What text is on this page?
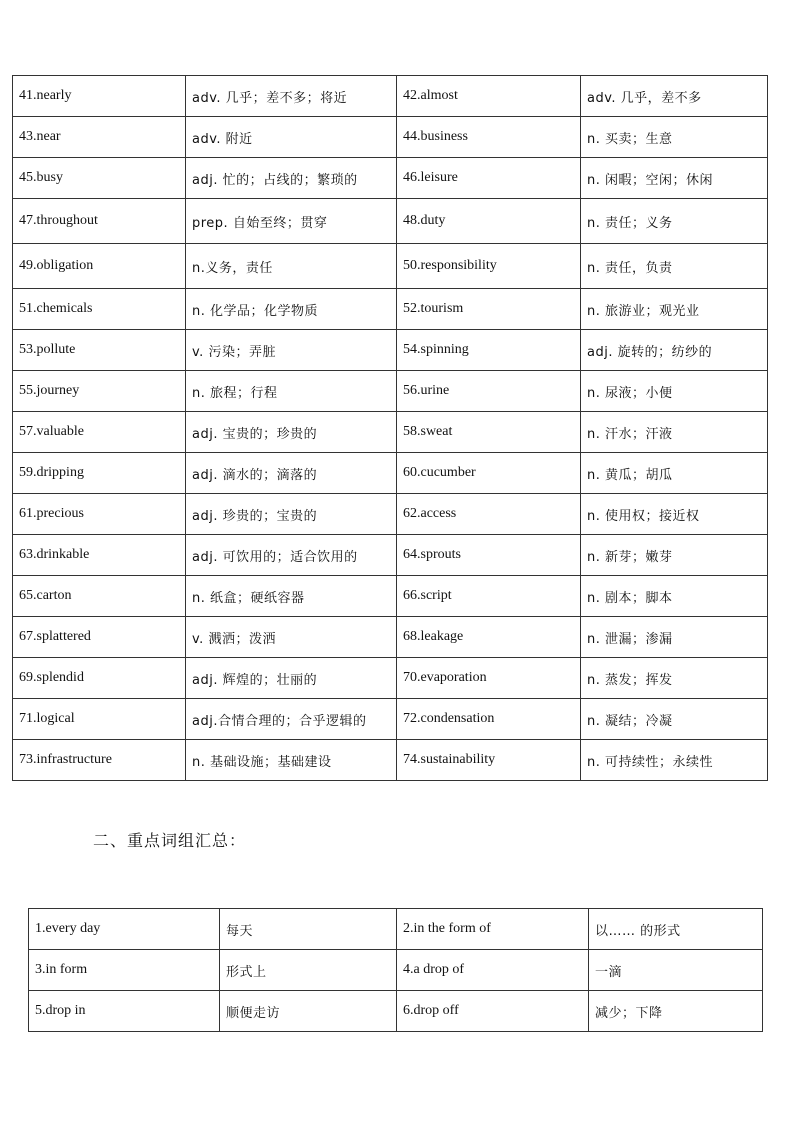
41.nearly	adv. 几乎；差不多；将近	42.almost	adv. 几乎，差不多
43.near	adv. 附近	44.business	n. 买卖；生意
45.busy	adj. 忙的；占线的；繁琐的	46.leisure	n. 闲暇；空闲；休闲
47.throughout	prep. 自始至终；贯穿	48.duty	n. 责任；义务
49.obligation	n.义务，责任	50.responsibility	n. 责任，负责
51.chemicals	n. 化学品；化学物质	52.tourism	n. 旅游业；观光业
53.pollute	v. 污染；弄脏	54.spinning	adj. 旋转的；纺纱的
55.journey	n. 旅程；行程	56.urine	n. 尿液；小便
57.valuable	adj. 宝贵的；珍贵的	58.sweat	n. 汗水；汗液
59.dripping	adj. 滴水的；滴落的	60.cucumber	n. 黄瓜；胡瓜
61.precious	adj. 珍贵的；宝贵的	62.access	n. 使用权；接近权
63.drinkable	adj. 可饮用的；适合饮用的	64.sprouts	n. 新芽；嫩芽
65.carton	n. 纸盒；硬纸容器	66.script	n. 剧本；脚本
67.splattered	v. 溅洒；泼洒	68.leakage	n. 泄漏；渗漏
69.splendid	adj. 辉煌的；壮丽的	70.evaporation	n. 蒸发；挥发
71.logical	adj.合情合理的；合乎逻辑的	72.condensation	n. 凝结；冷凝
73.infrastructure	n. 基础设施；基础建设	74.sustainability	n. 可持续性；永续性
二、重点词组汇总：
1.every day	每天	2.in the form of	以…… 的形式
3.in form	形式上	4.a drop of	一滴
5.drop in	顺便走访	6.drop off	减少；下降
